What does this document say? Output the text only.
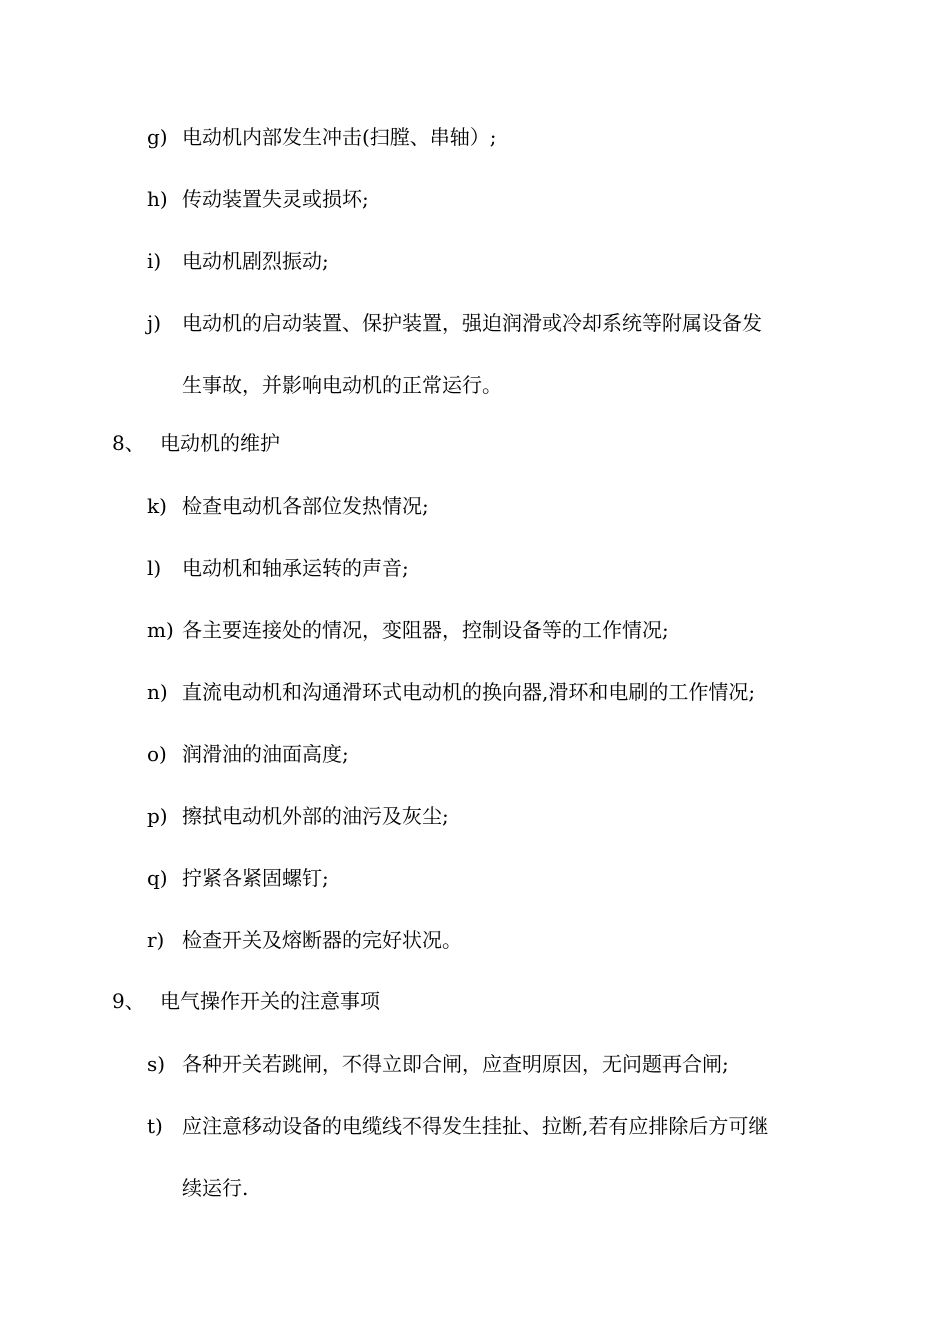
g) 电动机内部发生冲击(扫膛、串轴）;
h) 传动装置失灵或损坏;
i) 电动机剧烈振动;
j) 电动机的启动装置、保护装置，强迫润滑或冷却系统等附属设备发
生事故，并影响电动机的正常运行。
8、 电动机的维护
k) 检查电动机各部位发热情况;
l) 电动机和轴承运转的声音;
m) 各主要连接处的情况，变阻器，控制设备等的工作情况;
n) 直流电动机和沟通滑环式电动机的换向器,滑环和电刷的工作情况;
o) 润滑油的油面高度;
p) 擦拭电动机外部的油污及灰尘;
q) 拧紧各紧固螺钉;
r) 检查开关及熔断器的完好状况。
9、 电气操作开关的注意事项
s) 各种开关若跳闸，不得立即合闸，应查明原因，无问题再合闸;
t) 应注意移动设备的电缆线不得发生挂扯、拉断,若有应排除后方可继
续运行.
